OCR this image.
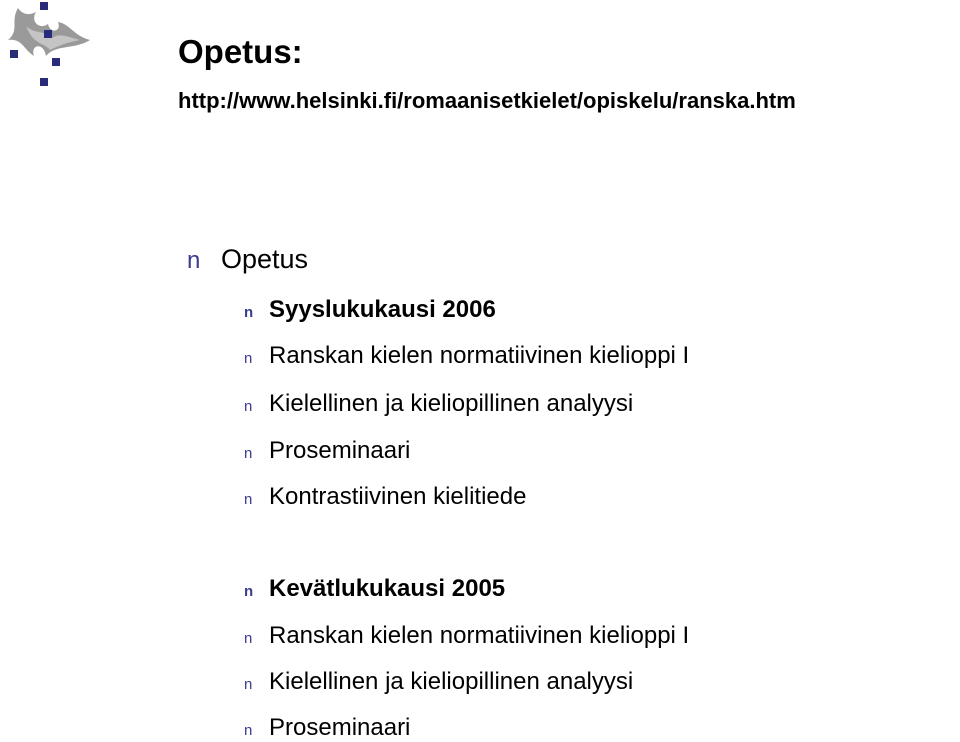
Opetus:
http://www.helsinki.fi/romaanisetkielet/opiskelu/ranska.htm
n Opetus
n Syyslukukausi 2006
n Ranskan kielen normatiivinen kielioppi I
n Kielellinen ja kieliopillinen analyysi
n Proseminaari
n Kontrastiivinen kielitiede
n Kevätlukukausi 2005
n Ranskan kielen normatiivinen kielioppi I
n Kielellinen ja kieliopillinen analyysi
n Proseminaari
